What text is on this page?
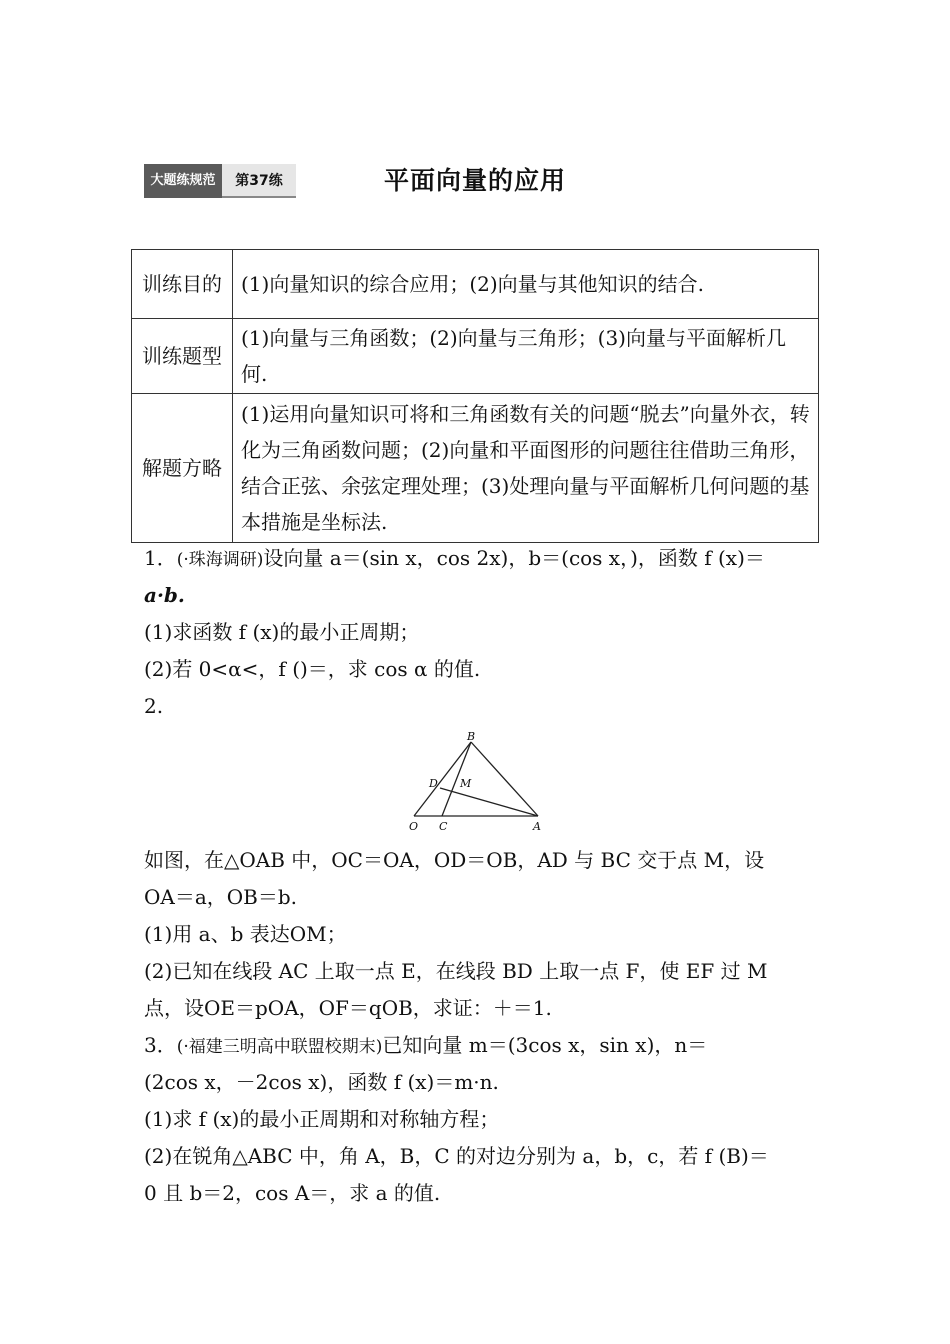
大题练规范	第37练	平面向量的应用
训练目的	(1)向量知识的综合应用；(2)向量与其他知识的结合.
训练题型	(1)向量与三角函数；(2)向量与三角形；(3)向量与平面解析几何.
解题方略	(1)运用向量知识可将和三角函数有关的问题“脱去”向量外衣，转化为三角函数问题；(2)向量和平面图形的问题往往借助三角形，结合正弦、余弦定理处理；(3)处理向量与平面解析几何问题的基本措施是坐标法.
1．(·珠海调研)设向量 a＝(sin x，cos 2x)，b＝(cos x，)，函数 f (x)＝
a·b.
(1)求函数 f (x)的最小正周期；
(2)若 0<α<，f ()＝，求 cos α 的值.
2.
B
D M
O C	A
如图，在△OAB 中，OC＝OA，OD＝OB，AD 与 BC 交于点 M，设
OA＝a，OB＝b.
(1)用 a、b 表达OM；
(2)已知在线段 AC 上取一点 E，在线段 BD 上取一点 F，使 EF 过 M
点，设OE＝pOA，OF＝qOB，求证：＋＝1.
3．(·福建三明高中联盟校期末)已知向量 m＝(3cos x，sin x)，n＝
(2cos x，－2cos x)，函数 f (x)＝m·n.
(1)求 f (x)的最小正周期和对称轴方程；
(2)在锐角△ABC 中，角 A，B，C 的对边分别为 a，b，c，若 f (B)＝
0 且 b＝2，cos A＝，求 a 的值.
